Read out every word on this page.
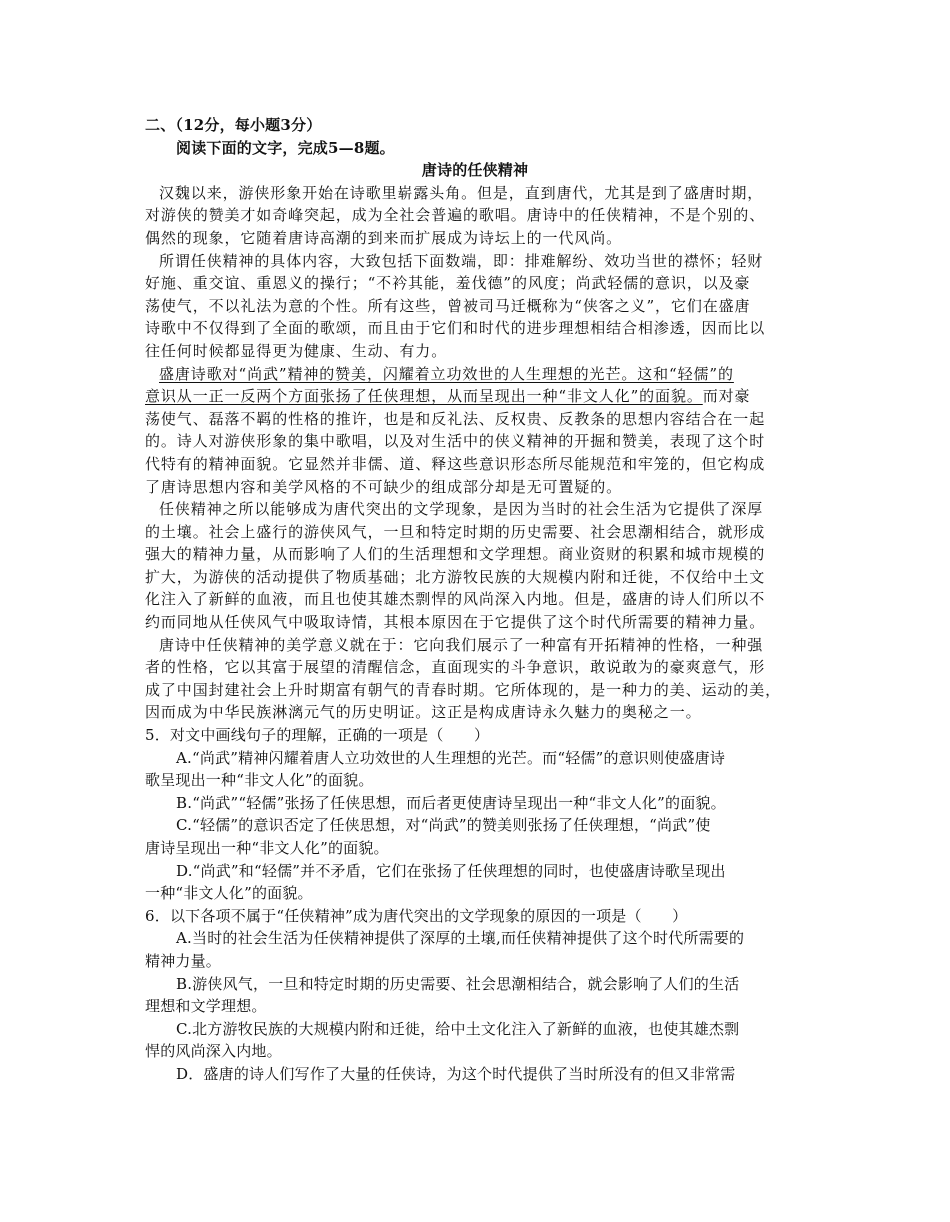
二、（12分，每小题3分）
阅读下面的文字，完成5—8题。
唐诗的任侠精神
汉魏以来，游侠形象开始在诗歌里崭露头角。但是，直到唐代，尤其是到了盛唐时期，
对游侠的赞美才如奇峰突起，成为全社会普遍的歌唱。唐诗中的任侠精神，不是个别的、
偶然的现象，它随着唐诗高潮的到来而扩展成为诗坛上的一代风尚。
所谓任侠精神的具体内容，大致包括下面数端，即：排难解纷、效功当世的襟怀；轻财
好施、重交谊、重恩义的操行；“不衿其能，羞伐德”的风度；尚武轻儒的意识，以及豪
荡使气，不以礼法为意的个性。所有这些，曾被司马迁概称为“侠客之义”，它们在盛唐
诗歌中不仅得到了全面的歌颂，而且由于它们和时代的进步理想相结合相渗透，因而比以
往任何时候都显得更为健康、生动、有力。
盛唐诗歌对“尚武”精神的赞美，闪耀着立功效世的人生理想的光芒。这和“轻儒”的
意识从一正一反两个方面张扬了任侠理想，从而呈现出一种“非文人化”的面貌。而对豪
荡使气、磊落不羁的性格的推许，也是和反礼法、反权贵、反教条的思想内容结合在一起
的。诗人对游侠形象的集中歌唱，以及对生活中的侠义精神的开掘和赞美，表现了这个时
代特有的精神面貌。它显然并非儒、道、释这些意识形态所尽能规范和牢笼的，但它构成
了唐诗思想内容和美学风格的不可缺少的组成部分却是无可置疑的。
任侠精神之所以能够成为唐代突出的文学现象，是因为当时的社会生活为它提供了深厚
的土壤。社会上盛行的游侠风气，一旦和特定时期的历史需要、社会思潮相结合，就形成
强大的精神力量，从而影响了人们的生活理想和文学理想。商业资财的积累和城市规模的
扩大，为游侠的活动提供了物质基础；北方游牧民族的大规模内附和迁徙，不仅给中土文
化注入了新鲜的血液，而且也使其雄杰剽悍的风尚深入内地。但是，盛唐的诗人们所以不
约而同地从任侠风气中吸取诗情，其根本原因在于它提供了这个时代所需要的精神力量。
唐诗中任侠精神的美学意义就在于：它向我们展示了一种富有开拓精神的性格，一种强
者的性格，它以其富于展望的清醒信念，直面现实的斗争意识，敢说敢为的豪爽意气，形
成了中国封建社会上升时期富有朝气的青春时期。它所体现的，是一种力的美、运动的美，
因而成为中华民族淋漓元气的历史明证。这正是构成唐诗永久魅力的奥秘之一。
5．对文中画线句子的理解，正确的一项是（　　）
A.“尚武”精神闪耀着唐人立功效世的人生理想的光芒。而“轻儒”的意识则使盛唐诗
歌呈现出一种“非文人化”的面貌。
B.“尚武”“轻儒”张扬了任侠思想，而后者更使唐诗呈现出一种“非文人化”的面貌。
C.“轻儒”的意识否定了任侠思想，对“尚武”的赞美则张扬了任侠理想，“尚武”使
唐诗呈现出一种“非文人化”的面貌。
D.“尚武”和“轻儒”并不矛盾，它们在张扬了任侠理想的同时，也使盛唐诗歌呈现出
一种“非文人化”的面貌。
6．以下各项不属于“任侠精神”成为唐代突出的文学现象的原因的一项是（　　）
A.当时的社会生活为任侠精神提供了深厚的土壤,而任侠精神提供了这个时代所需要的
精神力量。
B.游侠风气，一旦和特定时期的历史需要、社会思潮相结合，就会影响了人们的生活
理想和文学理想。
C.北方游牧民族的大规模内附和迁徙，给中土文化注入了新鲜的血液，也使其雄杰剽
悍的风尚深入内地。
D．盛唐的诗人们写作了大量的任侠诗，为这个时代提供了当时所没有的但又非常需
